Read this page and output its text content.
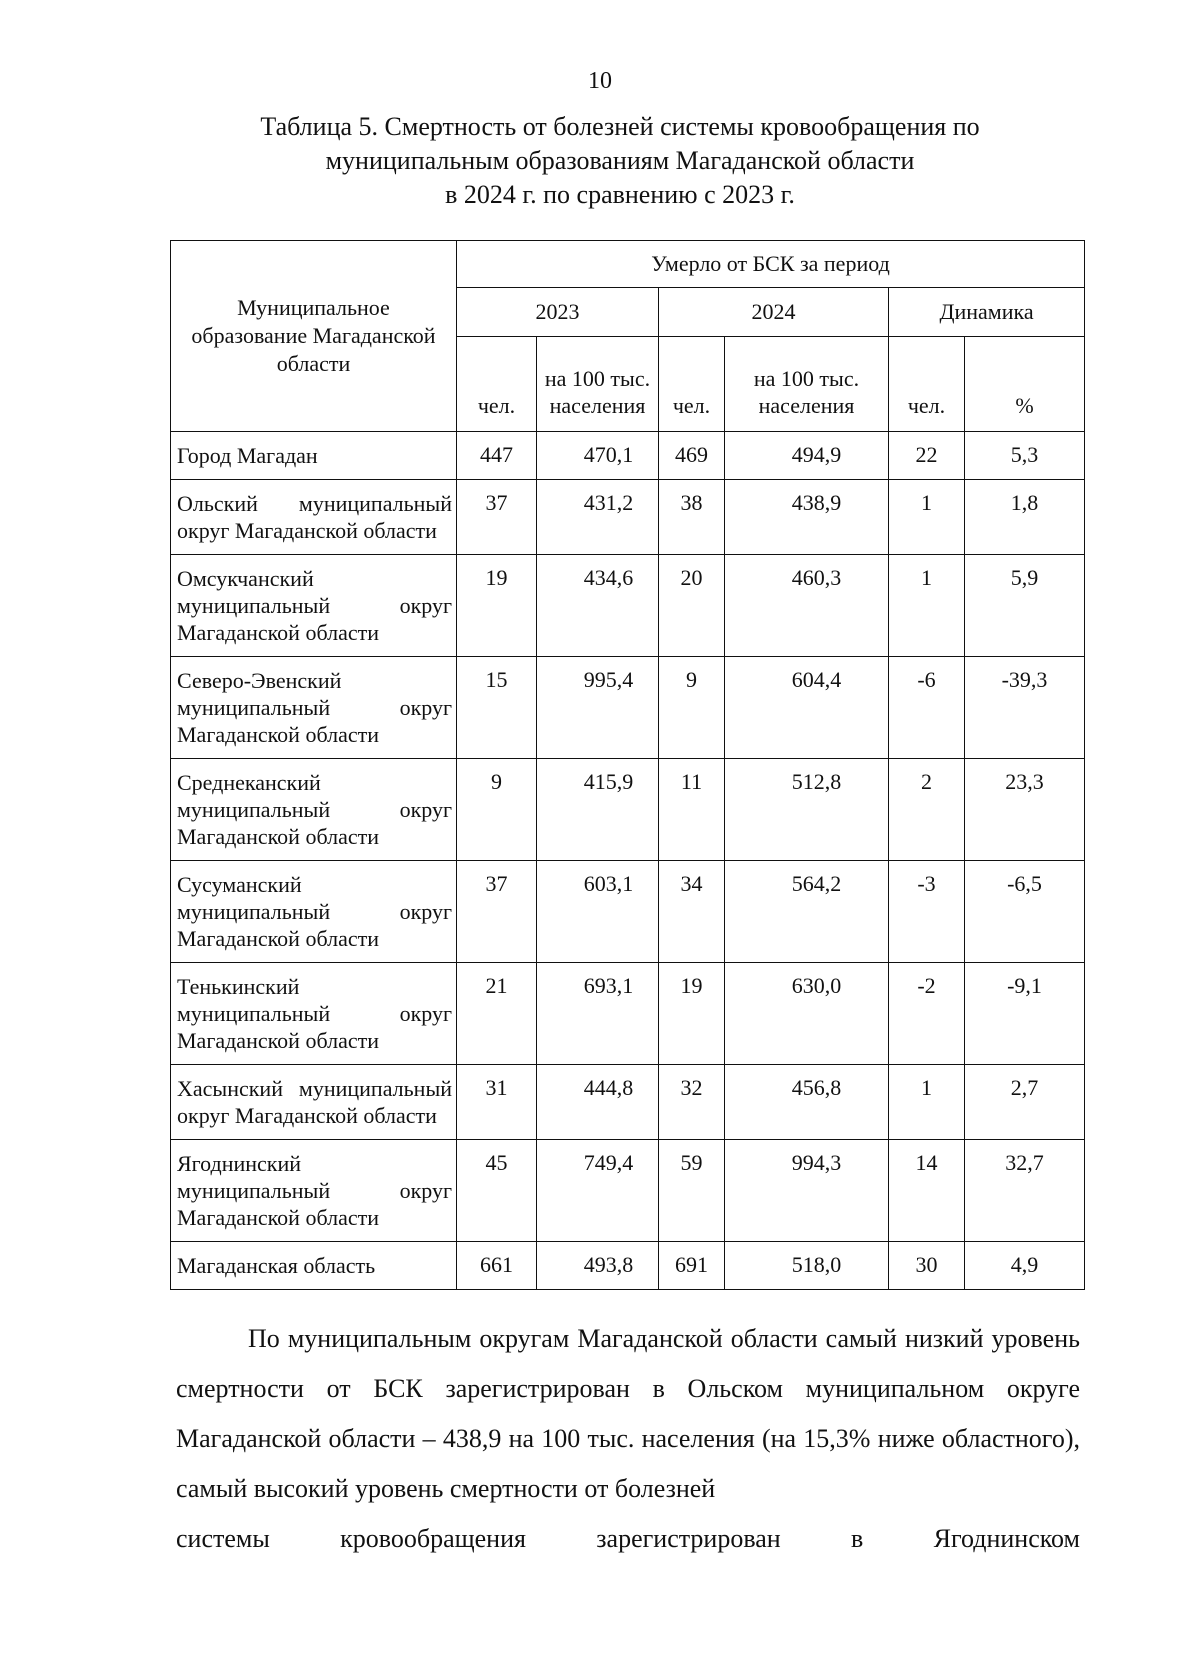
10
Таблица 5. Смертность от болезней системы кровообращения по
муниципальным образованиям Магаданской области
в 2024 г. по сравнению с 2023 г.
Муниципальное образование Магаданской области	Умерло от БСК за период					
	2023		2024		Динамика	
	чел.	на 100 тыс. населения	чел.	на 100 тыс. населения	чел.	%
Город Магадан	447	470,1	469	494,9	22	5,3
Ольский муниципальный округ Магаданской области	37	431,2	38	438,9	1	1,8
Омсукчанский муниципальный округ Магаданской области	19	434,6	20	460,3	1	5,9
Северо-Эвенский муниципальный округ Магаданской области	15	995,4	9	604,4	-6	-39,3
Среднеканский муниципальный округ Магаданской области	9	415,9	11	512,8	2	23,3
Сусуманский муниципальный округ Магаданской области	37	603,1	34	564,2	-3	-6,5
Тенькинский муниципальный округ Магаданской области	21	693,1	19	630,0	-2	-9,1
Хасынский муниципальный округ Магаданской области	31	444,8	32	456,8	1	2,7
Ягоднинский муниципальный округ Магаданской области	45	749,4	59	994,3	14	32,7
Магаданская область	661	493,8	691	518,0	30	4,9
По муниципальным округам Магаданской области самый низкий уровень смертности от БСК зарегистрирован в Ольском муниципальном округе Магаданской области – 438,9 на 100 тыс. населения (на 15,3% ниже областного), самый высокий уровень смертности от болезней
системы кровообращения зарегистрирован в Ягоднинском
